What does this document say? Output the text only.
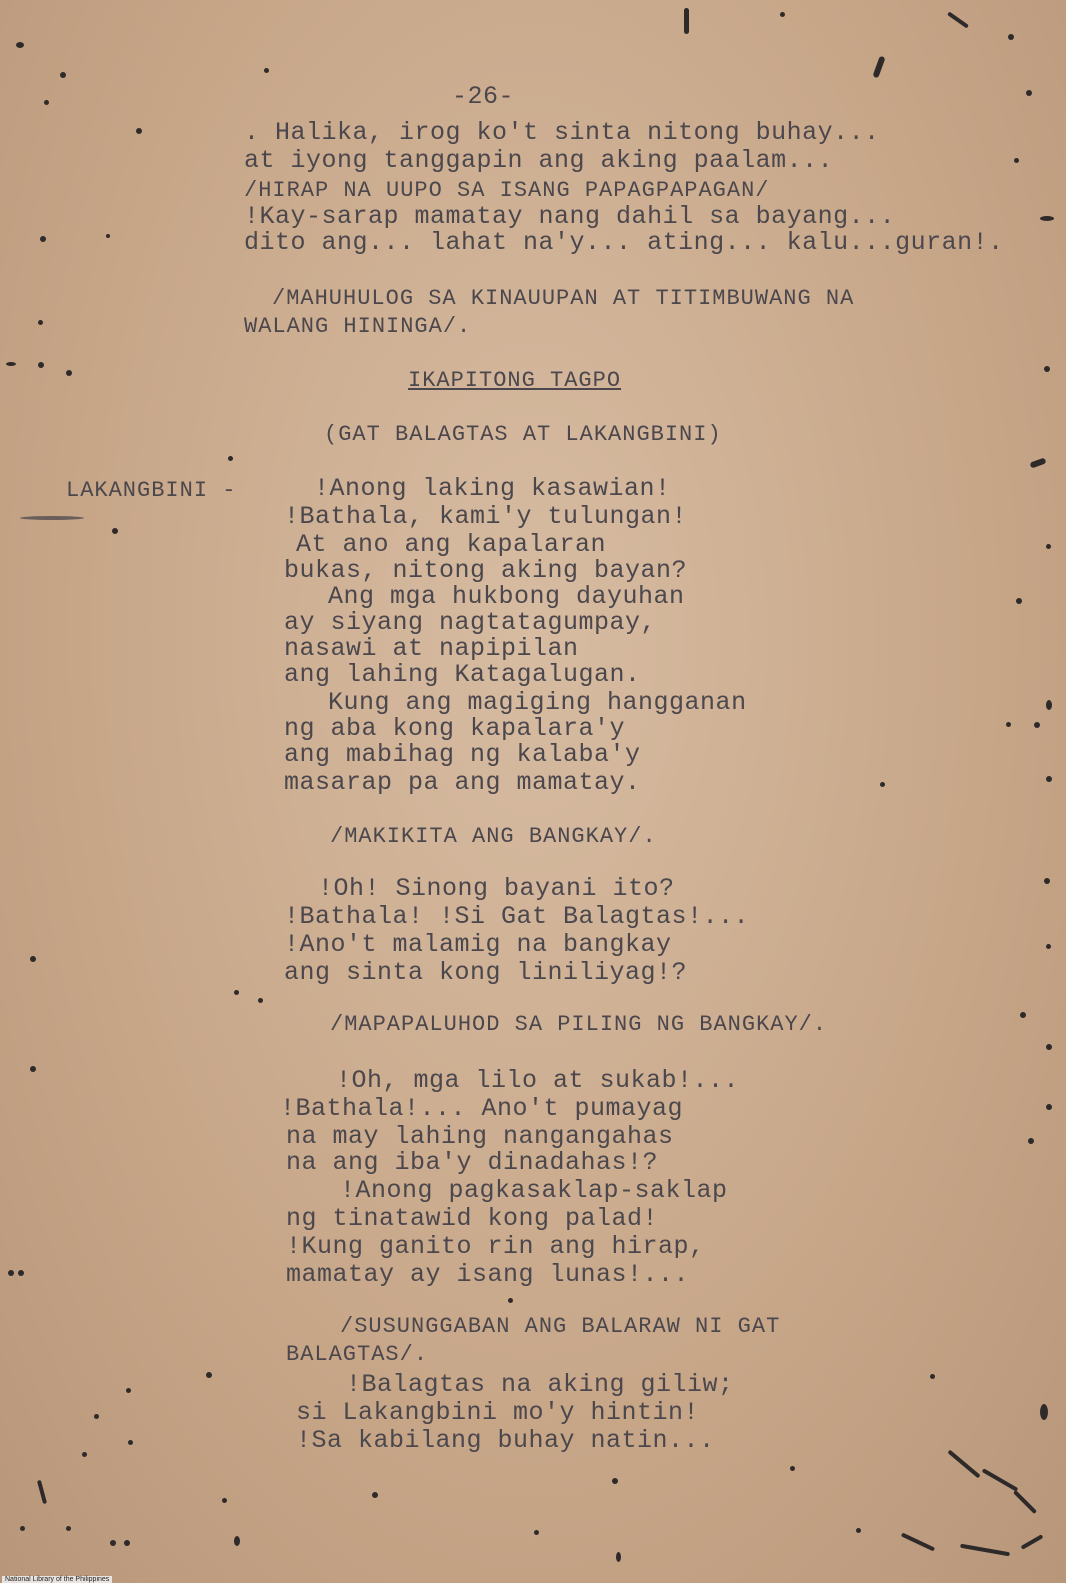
-26-
. Halika, irog ko't sinta nitong buhay...
at iyong tanggapin ang aking paalam...
/HIRAP NA UUPO SA ISANG PAPAGPAPAGAN/
!Kay-sarap mamatay nang dahil sa bayang...
dito ang... lahat na'y... ating... kalu...guran!.
/MAHUHULOG SA KINAUUPAN AT TITIMBUWANG NA
WALANG HININGA/.
IKAPITONG TAGPO
(GAT BALAGTAS AT LAKANGBINI)
LAKANGBINI -	!Anong laking kasawian!
!Bathala, kami'y tulungan!
At ano ang kapalaran
bukas, nitong aking bayan?
Ang mga hukbong dayuhan
ay siyang nagtatagumpay,
nasawi at napipilan
ang lahing Katagalugan.
Kung ang magiging hangganan
ng aba kong kapalara'y
ang mabihag ng kalaba'y
masarap pa ang mamatay.
/MAKIKITA ANG BANGKAY/.
!Oh! Sinong bayani ito?
!Bathala! !Si Gat Balagtas!...
!Ano't malamig na bangkay
ang sinta kong liniliyag!?
/MAPAPALUHOD SA PILING NG BANGKAY/.
!Oh, mga lilo at sukab!...
!Bathala!... Ano't pumayag
na may lahing nangangahas
na ang iba'y dinadahas!?
!Anong pagkasaklap-saklap
ng tinatawid kong palad!
!Kung ganito rin ang hirap,
mamatay ay isang lunas!...
/SUSUNGGABAN ANG BALARAW NI GAT
BALAGTAS/.
!Balagtas na aking giliw;
si Lakangbini mo'y hintin!
!Sa kabilang buhay natin...
National Library of the Philippines
